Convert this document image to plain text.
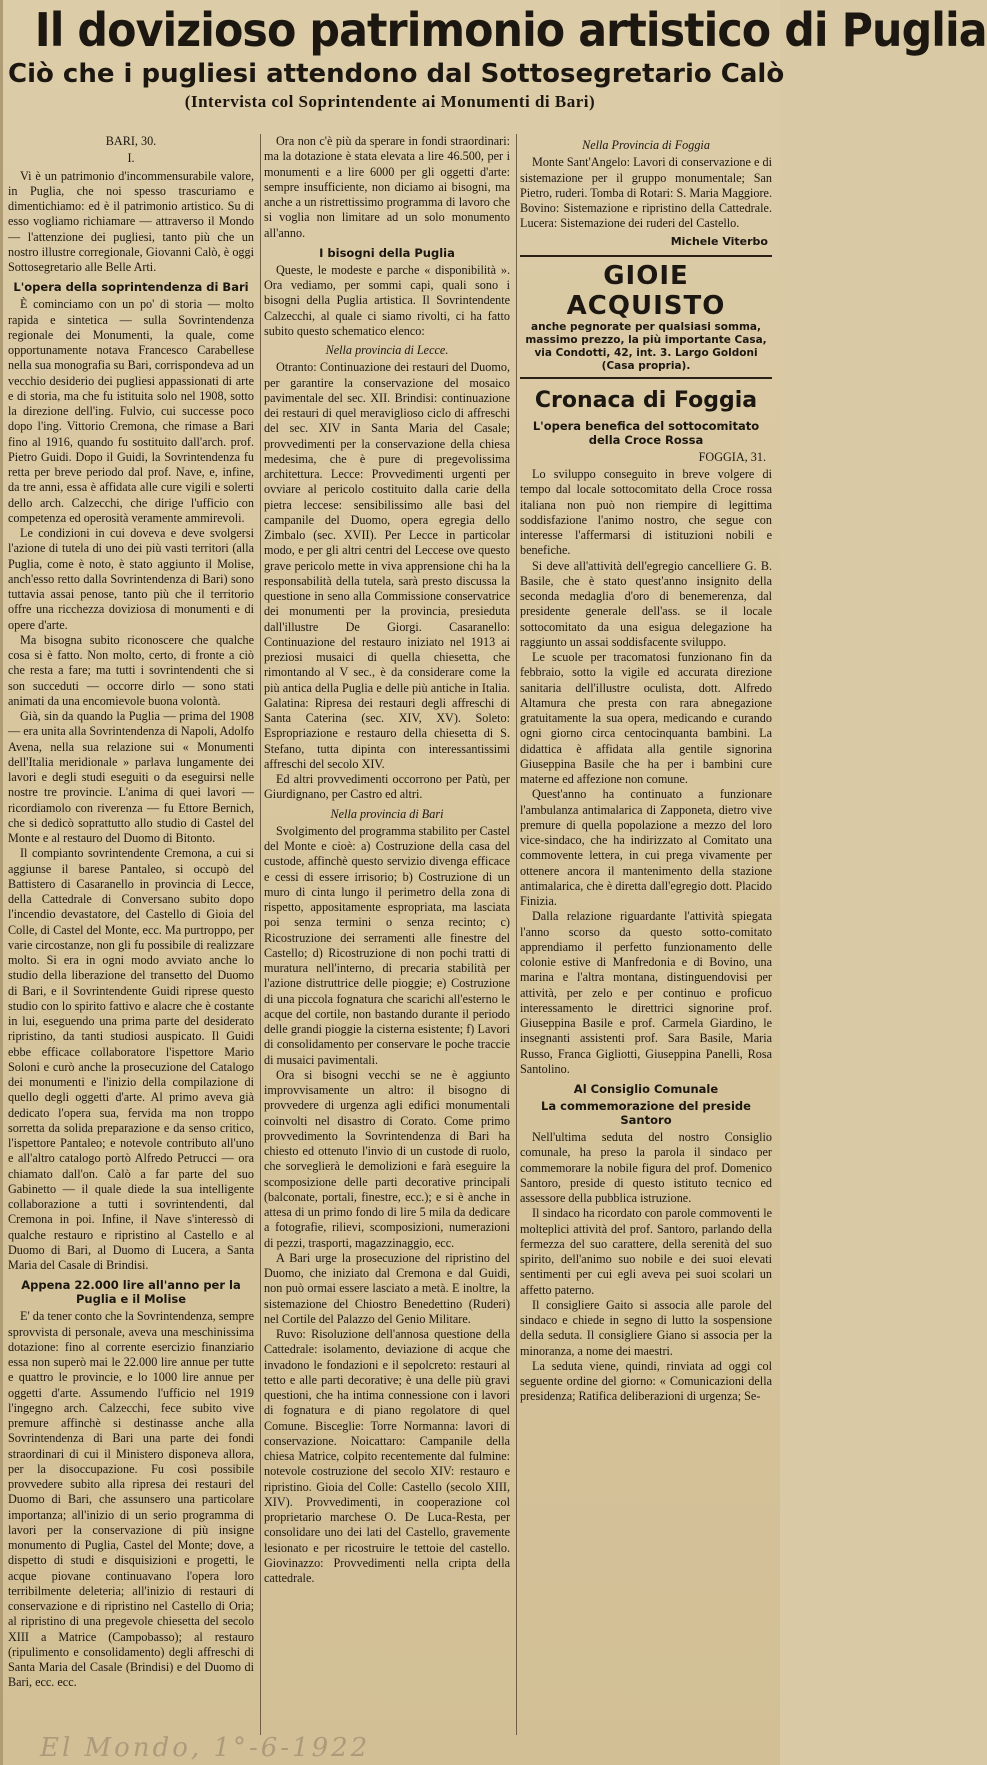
Il dovizioso patrimonio artistico di Puglia
Ciò che i pugliesi attendono dal Sottosegretario Calò
(Intervista col Soprintendente ai Monumenti di Bari)

BARI, 30.

I.

Vi è un patrimonio d'incommensurabile valore, in Puglia, che noi spesso trascuriamo e dimentichiamo: ed è il patrimonio artistico. Su di esso vogliamo richiamare — attraverso il Mondo — l'attenzione dei pugliesi, tanto più che un nostro illustre corregionale, Giovanni Calò, è oggi Sottosegretario alle Belle Arti.

L'opera della soprintendenza di Bari

È cominciamo con un po' di storia — molto rapida e sintetica — sulla Sovrintendenza regionale dei Monumenti, la quale, come opportunamente notava Francesco Carabellese nella sua monografia su Bari, corrispondeva ad un vecchio desiderio dei pugliesi appassionati di arte e di storia, ma che fu istituita solo nel 1908, sotto la direzione dell'ing. Fulvio, cui successe poco dopo l'ing. Vittorio Cremona, che rimase a Bari fino al 1916, quando fu sostituito dall'arch. prof. Pietro Guidi. Dopo il Guidi, la Sovrintendenza fu retta per breve periodo dal prof. Nave, e, infine, da tre anni, essa è affidata alle cure vigili e solerti dello arch. Calzecchi, che dirige l'ufficio con competenza ed operosità veramente ammirevoli.

Le condizioni in cui doveva e deve svolgersi l'azione di tutela di uno dei più vasti territori (alla Puglia, come è noto, è stato aggiunto il Molise, anch'esso retto dalla Sovrintendenza di Bari) sono tuttavia assai penose, tanto più che il territorio offre una ricchezza doviziosa di monumenti e di opere d'arte.

Ma bisogna subito riconoscere che qualche cosa si è fatto. Non molto, certo, di fronte a ciò che resta a fare; ma tutti i sovrintendenti che si son succeduti — occorre dirlo — sono stati animati da una encomievole buona volontà.

Già, sin da quando la Puglia — prima del 1908 — era unita alla Sovrintendenza di Napoli, Adolfo Avena, nella sua relazione sui « Monumenti dell'Italia meridionale » parlava lungamente dei lavori e degli studi eseguiti o da eseguirsi nelle nostre tre provincie. L'anima di quei lavori — ricordiamolo con riverenza — fu Ettore Bernich, che si dedicò soprattutto allo studio di Castel del Monte e al restauro del Duomo di Bitonto.

Il compianto sovrintendente Cremona, a cui si aggiunse il barese Pantaleo, si occupò del Battistero di Casaranello in provincia di Lecce, della Cattedrale di Conversano subito dopo l'incendio devastatore, del Castello di Gioia del Colle, di Castel del Monte, ecc. Ma purtroppo, per varie circostanze, non gli fu possibile di realizzare molto. Si era in ogni modo avviato anche lo studio della liberazione del transetto del Duomo di Bari, e il Sovrintendente Guidi riprese questo studio con lo spirito fattivo e alacre che è costante in lui, eseguendo una prima parte del desiderato ripristino, da tanti studiosi auspicato. Il Guidi ebbe efficace collaboratore l'ispettore Mario Soloni e curò anche la prosecuzione del Catalogo dei monumenti e l'inizio della compilazione di quello degli oggetti d'arte. Al primo aveva già dedicato l'opera sua, fervida ma non troppo sorretta da solida preparazione e da senso critico, l'ispettore Pantaleo; e notevole contributo all'uno e all'altro catalogo portò Alfredo Petrucci — ora chiamato dall'on. Calò a far parte del suo Gabinetto — il quale diede la sua intelligente collaborazione a tutti i sovrintendenti, dal Cremona in poi. Infine, il Nave s'interessò di qualche restauro e ripristino al Castello e al Duomo di Bari, al Duomo di Lucera, a Santa Maria del Casale di Brindisi.

Appena 22.000 lire all'anno per la Puglia e il Molise

E' da tener conto che la Sovrintendenza, sempre sprovvista di personale, aveva una meschinissima dotazione: fino al corrente esercizio finanziario essa non superò mai le 22.000 lire annue per tutte e quattro le provincie, e lo 1000 lire annue per oggetti d'arte. Assumendo l'ufficio nel 1919 l'ingegno arch. Calzecchi, fece subito vive premure affinchè si destinasse anche alla Sovrintendenza di Bari una parte dei fondi straordinari di cui il Ministero disponeva allora, per la disoccupazione. Fu così possibile provvedere subito alla ripresa dei restauri del Duomo di Bari, che assunsero una particolare importanza; all'inizio di un serio programma di lavori per la conservazione di più insigne monumento di Puglia, Castel del Monte; dove, a dispetto di studi e disquisizioni e progetti, le acque piovane continuavano l'opera loro terribilmente deleteria; all'inizio di restauri di conservazione e di ripristino nel Castello di Oria; al ripristino di una pregevole chiesetta del secolo XIII a Matrice (Campobasso); al restauro (ripulimento e consolidamento) degli affreschi di Santa Maria del Casale (Brindisi) e del Duomo di Bari, ecc. ecc.

Ora non c'è più da sperare in fondi straordinari: ma la dotazione è stata elevata a lire 46.500, per i monumenti e a lire 6000 per gli oggetti d'arte: sempre insufficiente, non diciamo ai bisogni, ma anche a un ristrettissimo programma di lavoro che si voglia non limitare ad un solo monumento all'anno.

I bisogni della Puglia

Queste, le modeste e parche « disponibilità ». Ora vediamo, per sommi capi, quali sono i bisogni della Puglia artistica. Il Sovrintendente Calzecchi, al quale ci siamo rivolti, ci ha fatto subito questo schematico elenco:

Nella provincia di Lecce.

Otranto: Continuazione dei restauri del Duomo, per garantire la conservazione del mosaico pavimentale del sec. XII. Brindisi: continuazione dei restauri di quel meraviglioso ciclo di affreschi del sec. XIV in Santa Maria del Casale; provvedimenti per la conservazione della chiesa medesima, che è pure di pregevolissima architettura. Lecce: Provvedimenti urgenti per ovviare al pericolo costituito dalla carie della pietra leccese: sensibilissimo alle basi del campanile del Duomo, opera egregia dello Zimbalo (sec. XVII). Per Lecce in particolar modo, e per gli altri centri del Leccese ove questo grave pericolo mette in viva apprensione chi ha la responsabilità della tutela, sarà presto discussa la questione in seno alla Commissione conservatrice dei monumenti per la provincia, presieduta dall'illustre De Giorgi. Casaranello: Continuazione del restauro iniziato nel 1913 ai preziosi musaici di quella chiesetta, che rimontando al V sec., è da considerare come la più antica della Puglia e delle più antiche in Italia. Galatina: Ripresa dei restauri degli affreschi di Santa Caterina (sec. XIV, XV). Soleto: Espropriazione e restauro della chiesetta di S. Stefano, tutta dipinta con interessantissimi affreschi del secolo XIV.

Ed altri provvedimenti occorrono per Patù, per Giurdignano, per Castro ed altri.

Nella provincia di Bari

Svolgimento del programma stabilito per Castel del Monte e cioè: a) Costruzione della casa del custode, affinchè questo servizio divenga efficace e cessi di essere irrisorio; b) Costruzione di un muro di cinta lungo il perimetro della zona di rispetto, appositamente espropriata, ma lasciata poi senza termini o senza recinto; c) Ricostruzione dei serramenti alle finestre del Castello; d) Ricostruzione di non pochi tratti di muratura nell'interno, di precaria stabilità per l'azione distruttrice delle pioggie; e) Costruzione di una piccola fognatura che scarichi all'esterno le acque del cortile, non bastando durante il periodo delle grandi pioggie la cisterna esistente; f) Lavori di consolidamento per conservare le poche traccie di musaici pavimentali.

Ora si bisogni vecchi se ne è aggiunto improvvisamente un altro: il bisogno di provvedere di urgenza agli edifici monumentali coinvolti nel disastro di Corato. Come primo provvedimento la Sovrintendenza di Bari ha chiesto ed ottenuto l'invio di un custode di ruolo, che sorveglierà le demolizioni e farà eseguire la scomposizione delle parti decorative principali (balconate, portali, finestre, ecc.); e si è anche in attesa di un primo fondo di lire 5 mila da dedicare a fotografie, rilievi, scomposizioni, numerazioni di pezzi, trasporti, magazzinaggio, ecc.

A Bari urge la prosecuzione del ripristino del Duomo, che iniziato dal Cremona e dal Guidi, non può ormai essere lasciato a metà. E inoltre, la sistemazione del Chiostro Benedettino (Ruderi) nel Cortile del Palazzo del Genio Militare.

Ruvo: Risoluzione dell'annosa questione della Cattedrale: isolamento, deviazione di acque che invadono le fondazioni e il sepolcreto: restauri al tetto e alle parti decorative; è una delle più gravi questioni, che ha intima connessione con i lavori di fognatura e di piano regolatore di quel Comune. Bisceglie: Torre Normanna: lavori di conservazione. Noicattaro: Campanile della chiesa Matrice, colpito recentemente dal fulmine: notevole costruzione del secolo XIV: restauro e ripristino. Gioia del Colle: Castello (secolo XIII, XIV). Provvedimenti, in cooperazione col proprietario marchese O. De Luca-Resta, per consolidare uno dei lati del Castello, gravemente lesionato e per ricostruire le tettoie del castello. Giovinazzo: Provvedimenti nella cripta della cattedrale.

Nella Provincia di Foggia

Monte Sant'Angelo: Lavori di conservazione e di sistemazione per il gruppo monumentale; San Pietro, ruderi. Tomba di Rotari: S. Maria Maggiore. Bovino: Sistemazione e ripristino della Cattedrale. Lucera: Sistemazione dei ruderi del Castello.

Michele Viterbo

GIOIE ACQUISTO

anche pegnorate per qualsiasi somma, massimo prezzo, la più importante Casa, via Condotti, 42, int. 3. Largo Goldoni (Casa propria).

Cronaca di Foggia

L'opera benefica del sottocomitato della Croce Rossa

FOGGIA, 31.

Lo sviluppo conseguito in breve volgere di tempo dal locale sottocomitato della Croce rossa italiana non può non riempire di legittima soddisfazione l'animo nostro, che segue con interesse l'affermarsi di istituzioni nobili e benefiche.

Si deve all'attività dell'egregio cancelliere G. B. Basile, che è stato quest'anno insignito della seconda medaglia d'oro di benemerenza, dal presidente generale dell'ass. se il locale sottocomitato da una esigua delegazione ha raggiunto un assai soddisfacente sviluppo.

Le scuole per tracomatosi funzionano fin da febbraio, sotto la vigile ed accurata direzione sanitaria dell'illustre oculista, dott. Alfredo Altamura che presta con rara abnegazione gratuitamente la sua opera, medicando e curando ogni giorno circa centocinquanta bambini. La didattica è affidata alla gentile signorina Giuseppina Basile che ha per i bambini cure materne ed affezione non comune.

Quest'anno ha continuato a funzionare l'ambulanza antimalarica di Zapponeta, dietro vive premure di quella popolazione a mezzo del loro vice-sindaco, che ha indirizzato al Comitato una commovente lettera, in cui prega vivamente per ottenere ancora il mantenimento della stazione antimalarica, che è diretta dall'egregio dott. Placido Finizia.

Dalla relazione riguardante l'attività spiegata l'anno scorso da questo sotto-comitato apprendiamo il perfetto funzionamento delle colonie estive di Manfredonia e di Bovino, una marina e l'altra montana, distinguendovisi per attività, per zelo e per continuo e proficuo interessamento le direttrici signorine prof. Giuseppina Basile e prof. Carmela Giardino, le insegnanti assistenti prof. Sara Basile, Maria Russo, Franca Gigliotti, Giuseppina Panelli, Rosa Santolino.

Al Consiglio Comunale

La commemorazione del preside Santoro

Nell'ultima seduta del nostro Consiglio comunale, ha preso la parola il sindaco per commemorare la nobile figura del prof. Domenico Santoro, preside di questo istituto tecnico ed assessore della pubblica istruzione.

Il sindaco ha ricordato con parole commoventi le molteplici attività del prof. Santoro, parlando della fermezza del suo carattere, della serenità del suo spirito, dell'animo suo nobile e dei suoi elevati sentimenti per cui egli aveva pei suoi scolari un affetto paterno.

Il consigliere Gaito si associa alle parole del sindaco e chiede in segno di lutto la sospensione della seduta. Il consigliere Giano si associa per la minoranza, a nome dei maestri.

La seduta viene, quindi, rinviata ad oggi col seguente ordine del giorno: « Comunicazioni della presidenza; Ratifica deliberazioni di urgenza; Se-

El Mondo, 1°-6-1922
